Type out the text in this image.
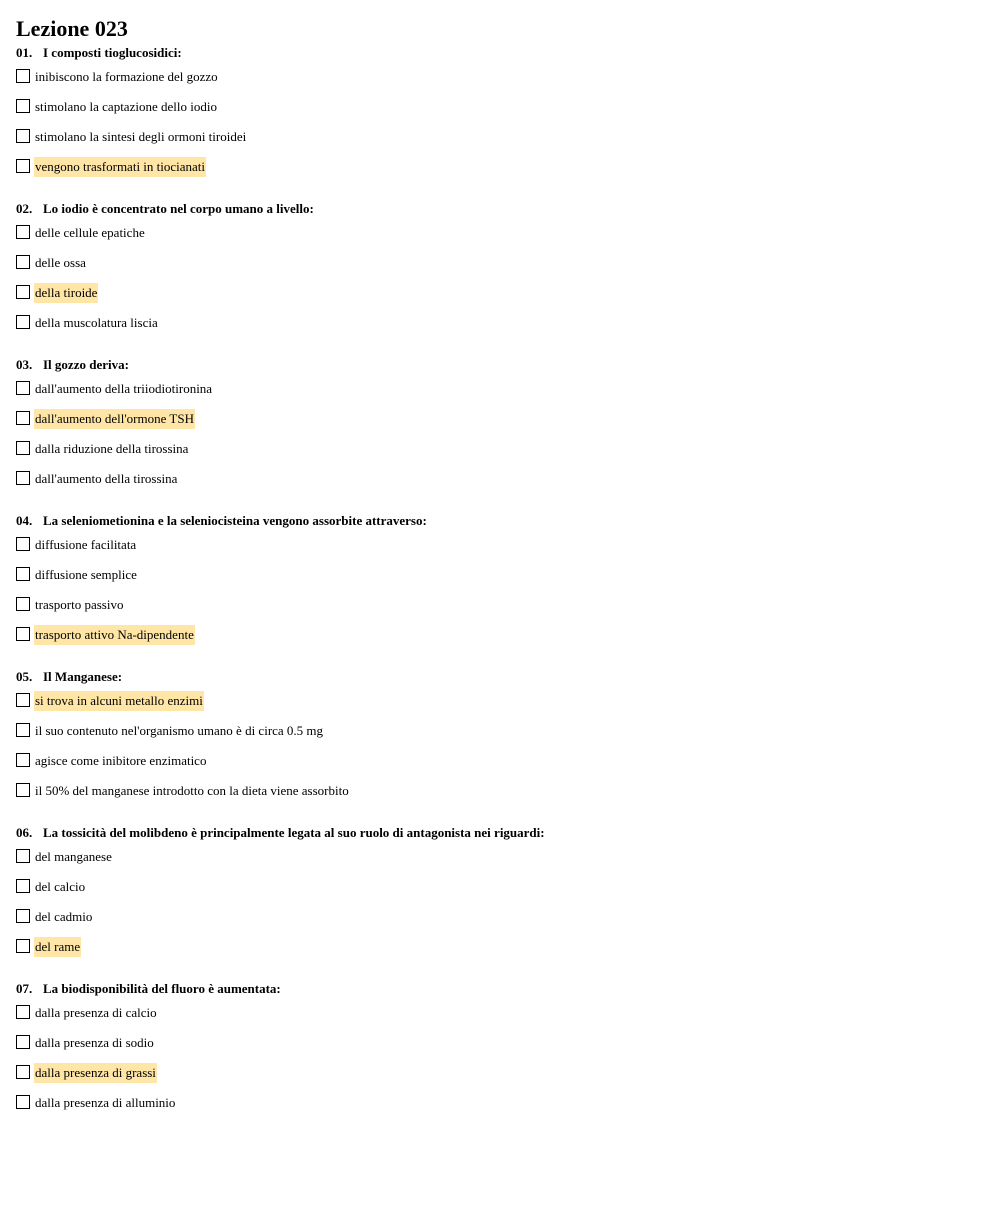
Lezione 023
01. I composti tioglucosidici:
inibiscono la formazione del gozzo
stimolano la captazione dello iodio
stimolano la sintesi degli ormoni tiroidei
vengono trasformati in tiocianati
02. Lo iodio è concentrato nel corpo umano a livello:
delle cellule epatiche
delle ossa
della tiroide
della muscolatura liscia
03. Il gozzo deriva:
dall'aumento della triiodiotironina
dall'aumento dell'ormone TSH
dalla riduzione della tirossina
dall'aumento della tirossina
04. La seleniometionina e la seleniocisteina vengono assorbite attraverso:
diffusione facilitata
diffusione semplice
trasporto passivo
trasporto attivo Na-dipendente
05. Il Manganese:
si trova in alcuni metallo enzimi
il suo contenuto nel'organismo umano è di circa 0.5 mg
agisce come inibitore enzimatico
il 50% del manganese introdotto con la dieta viene assorbito
06. La tossicità del molibdeno è principalmente legata al suo ruolo di antagonista nei riguardi:
del manganese
del calcio
del cadmio
del rame
07. La biodisponibilità del fluoro è aumentata:
dalla presenza di calcio
dalla presenza di sodio
dalla presenza di grassi
dalla presenza di alluminio
